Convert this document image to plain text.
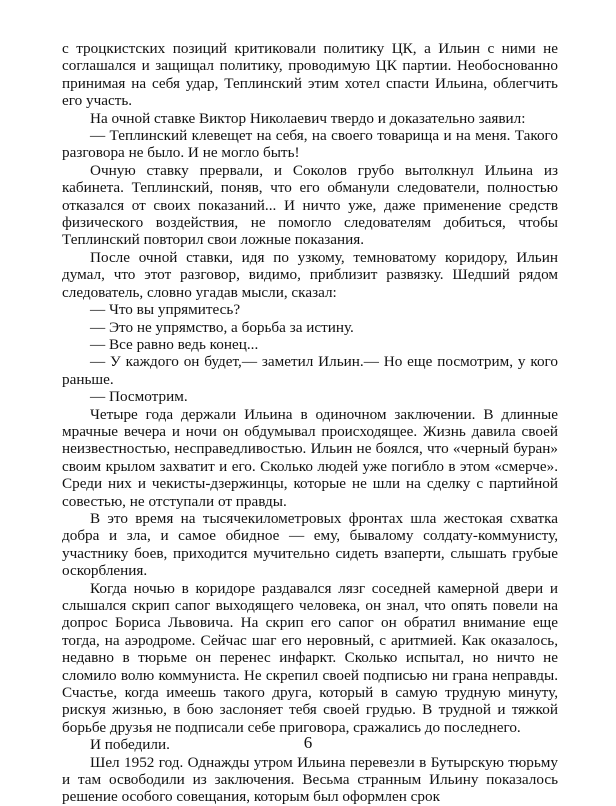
с троцкистских позиций критиковали политику ЦК, а Ильин с ними не соглашался и защищал политику, проводимую ЦК партии. Необоснованно принимая на себя удар, Теплинский этим хотел спасти Ильина, облегчить его участь.

На очной ставке Виктор Николаевич твердо и доказательно заявил:

— Теплинский клевещет на себя, на своего товарища и на меня. Такого разговора не было. И не могло быть!

Очную ставку прервали, и Соколов грубо вытолкнул Ильина из кабинета. Теплинский, поняв, что его обманули следователи, полностью отказался от своих показаний... И ничто уже, даже применение средств физического воздействия, не помогло следователям добиться, чтобы Теплинский повторил свои ложные показания.

После очной ставки, идя по узкому, темноватому коридору, Ильин думал, что этот разговор, видимо, приблизит развязку. Шедший рядом следователь, словно угадав мысли, сказал:

— Что вы упрямитесь?

— Это не упрямство, а борьба за истину.

— Все равно ведь конец...

— У каждого он будет,— заметил Ильин.— Но еще посмотрим, у кого раньше.

— Посмотрим.

Четыре года держали Ильина в одиночном заключении. В длинные мрачные вечера и ночи он обдумывал происходящее. Жизнь давила своей неизвестностью, несправедливостью. Ильин не боялся, что «черный буран» своим крылом захватит и его. Сколько людей уже погибло в этом «смерче». Среди них и чекисты-дзержинцы, которые не шли на сделку с партийной совестью, не отступали от правды.

В это время на тысячекилометровых фронтах шла жестокая схватка добра и зла, и самое обидное — ему, бывалому солдату-коммунисту, участнику боев, приходится мучительно сидеть взаперти, слышать грубые оскорбления.

Когда ночью в коридоре раздавался лязг соседней камерной двери и слышался скрип сапог выходящего человека, он знал, что опять повели на допрос Бориса Львовича. На скрип его сапог он обратил внимание еще тогда, на аэродроме. Сейчас шаг его неровный, с аритмией. Как оказалось, недавно в тюрьме он перенес инфаркт. Сколько испытал, но ничто не сломило волю коммуниста. Не скрепил своей подписью ни грана неправды. Счастье, когда имеешь такого друга, который в самую трудную минуту, рискуя жизнью, в бою заслоняет тебя своей грудью. В трудной и тяжкой борьбе друзья не подписали себе приговора, сражались до последнего.

И победили.

Шел 1952 год. Однажды утром Ильина перевезли в Бутырскую тюрьму и там освободили из заключения. Весьма странным Ильину показалось решение особого совещания, которым был оформлен срок

6
